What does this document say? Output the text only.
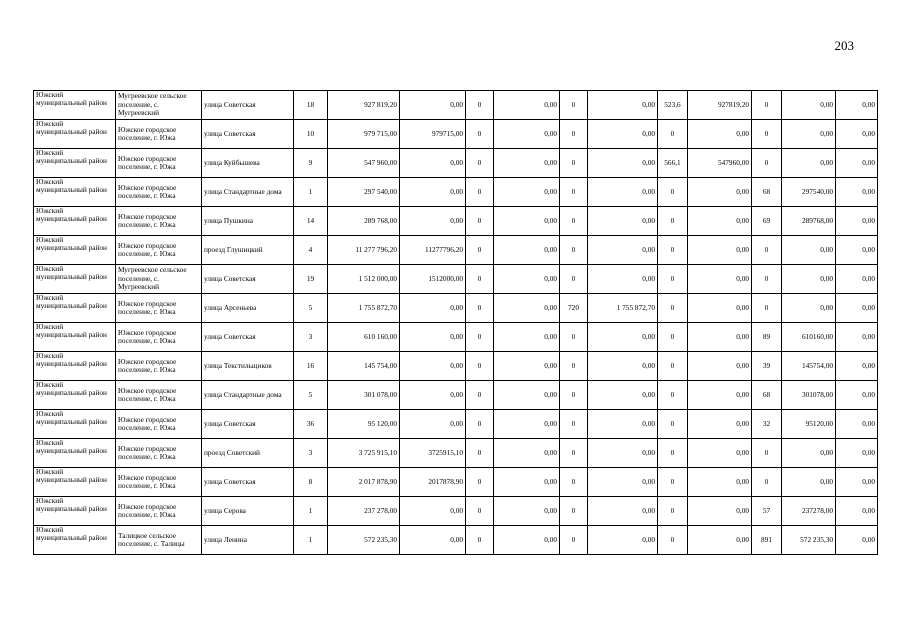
203
Южский муниципальный район	Мугреевское сельское поселение, с. Мугреевский	улица Советская	18	927 819,20	0,00	0	0,00	0	0,00	523,6	927819,20	0	0,00	0,00
Южский муниципальный район	Южское городское поселение, г. Южа	улица Советская	10	979 715,00	979715,00	0	0,00	0	0,00	0	0,00	0	0,00	0,00
Южский муниципальный район	Южское городское поселение, г. Южа	улица Куйбышева	9	547 960,00	0,00	0	0,00	0	0,00	566,1	547960,00	0	0,00	0,00
Южский муниципальный район	Южское городское поселение, г. Южа	улица Стандартные дома	1	297 540,00	0,00	0	0,00	0	0,00	0	0,00	68	297540,00	0,00
Южский муниципальный район	Южское городское поселение, г. Южа	улица Пушкина	14	289 768,00	0,00	0	0,00	0	0,00	0	0,00	69	289768,00	0,00
Южский муниципальный район	Южское городское поселение, г. Южа	проезд Глушицкий	4	11 277 796,20	11277796,20	0	0,00	0	0,00	0	0,00	0	0,00	0,00
Южский муниципальный район	Мугреевское сельское поселение, с. Мугреевский	улица Советская	19	1 512 000,00	1512000,00	0	0,00	0	0,00	0	0,00	0	0,00	0,00
Южский муниципальный район	Южское городское поселение, г. Южа	улица Арсеньева	5	1 755 872,70	0,00	0	0,00	720	1 755 872,70	0	0,00	0	0,00	0,00
Южский муниципальный район	Южское городское поселение, г. Южа	улица Советская	3	610 160,00	0,00	0	0,00	0	0,00	0	0,00	89	610160,00	0,00
Южский муниципальный район	Южское городское поселение, г. Южа	улица Текстильщиков	16	145 754,00	0,00	0	0,00	0	0,00	0	0,00	39	145754,00	0,00
Южский муниципальный район	Южское городское поселение, г. Южа	улица Стандартные дома	5	301 078,00	0,00	0	0,00	0	0,00	0	0,00	68	301078,00	0,00
Южский муниципальный район	Южское городское поселение, г. Южа	улица Советская	36	95 120,00	0,00	0	0,00	0	0,00	0	0,00	32	95120,00	0,00
Южский муниципальный район	Южское городское поселение, г. Южа	проезд Советский	3	3 725 915,10	3725915,10	0	0,00	0	0,00	0	0,00	0	0,00	0,00
Южский муниципальный район	Южское городское поселение, г. Южа	улица Советская	8	2 017 878,90	2017878,90	0	0,00	0	0,00	0	0,00	0	0,00	0,00
Южский муниципальный район	Южское городское поселение, г. Южа	улица Серова	1	237 278,00	0,00	0	0,00	0	0,00	0	0,00	57	237278,00	0,00
Южский муниципальный район	Талицкое сельское поселение, с. Талицы	улица Ленина	1	572 235,30	0,00	0	0,00	0	0,00	0	0,00	891	572 235,30	0,00
